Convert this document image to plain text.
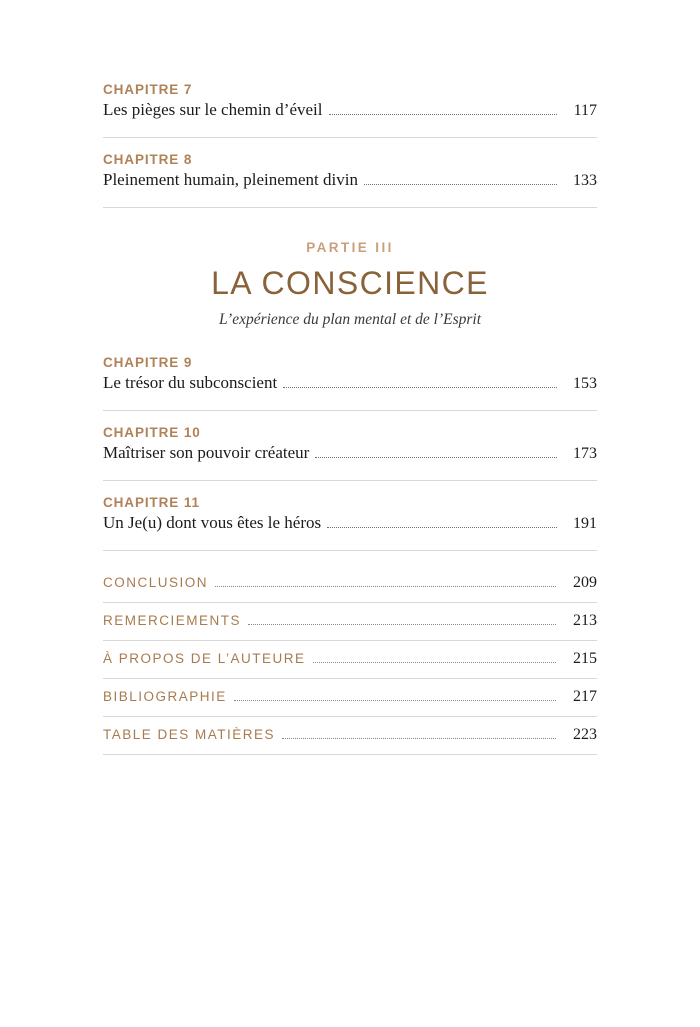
CHAPITRE 7
Les pièges sur le chemin d’éveil	117
CHAPITRE 8
Pleinement humain, pleinement divin	133
PARTIE III
LA CONSCIENCE
L’expérience du plan mental et de l’Esprit
CHAPITRE 9
Le trésor du subconscient	153
CHAPITRE 10
Maîtriser son pouvoir créateur	173
CHAPITRE 11
Un Je(u) dont vous êtes le héros	191
CONCLUSION	209
REMERCIEMENTS	213
À PROPOS DE L’AUTEURE	215
BIBLIOGRAPHIE	217
TABLE DES MATIÈRES	223
